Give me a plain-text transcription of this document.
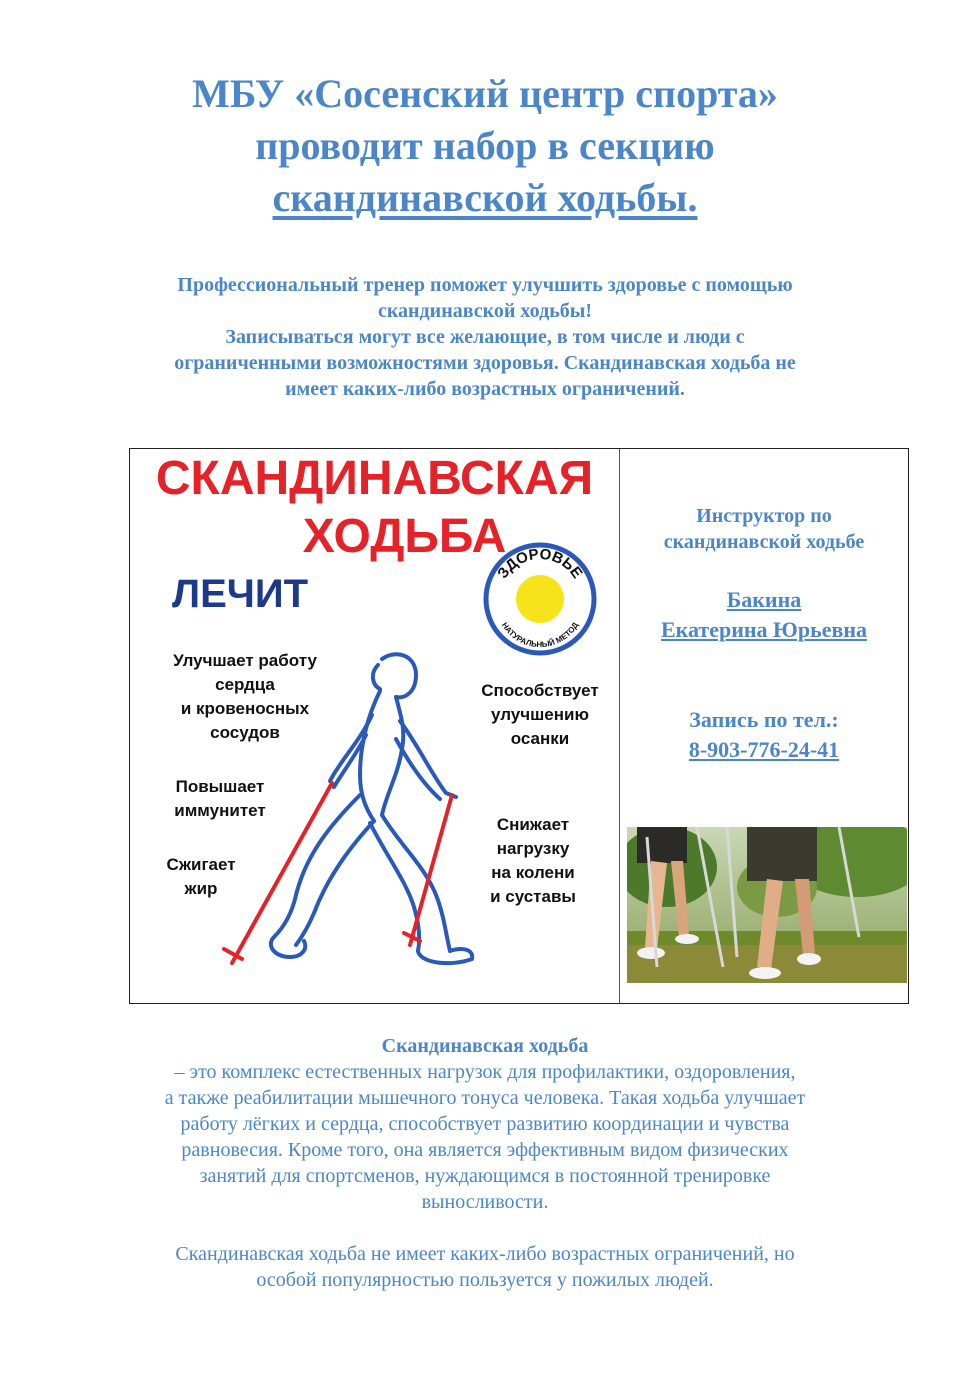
МБУ «Сосенский центр спорта»
проводит набор в секцию
скандинавской ходьбы.
Профессиональный тренер поможет улучшить здоровье с помощью
скандинавской ходьбы!
Записываться могут все желающие, в том числе и люди с
ограниченными возможностями здоровья. Скандинавская ходьба не
имеет каких-либо возрастных ограничений.
СКАНДИНАВСКАЯ
ХОДЬБА
ЛЕЧИТ	ЗДОРОВЬЕ
НАТУРАЛЬНЫЙ МЕТОД
Улучшает работу
сердца
и кровеносных
сосудов
Повышает
иммунитет
Сжигает
жир
Способствует
улучшению
осанки
Снижает
нагрузку
на колени
и суставы
Инструктор по
скандинавской ходьбе
Бакина
Екатерина Юрьевна
Запись по тел.:
8-903-776-24-41
Скандинавская ходьба
– это комплекс естественных нагрузок для профилактики, оздоровления,
а также реабилитации мышечного тонуса человека. Такая ходьба улучшает
работу лёгких и сердца, способствует развитию координации и чувства
равновесия. Кроме того, она является эффективным видом физических
занятий для спортсменов, нуждающимся в постоянной тренировке
выносливости.
Скандинавская ходьба не имеет каких-либо возрастных ограничений, но
особой популярностью пользуется у пожилых людей.
